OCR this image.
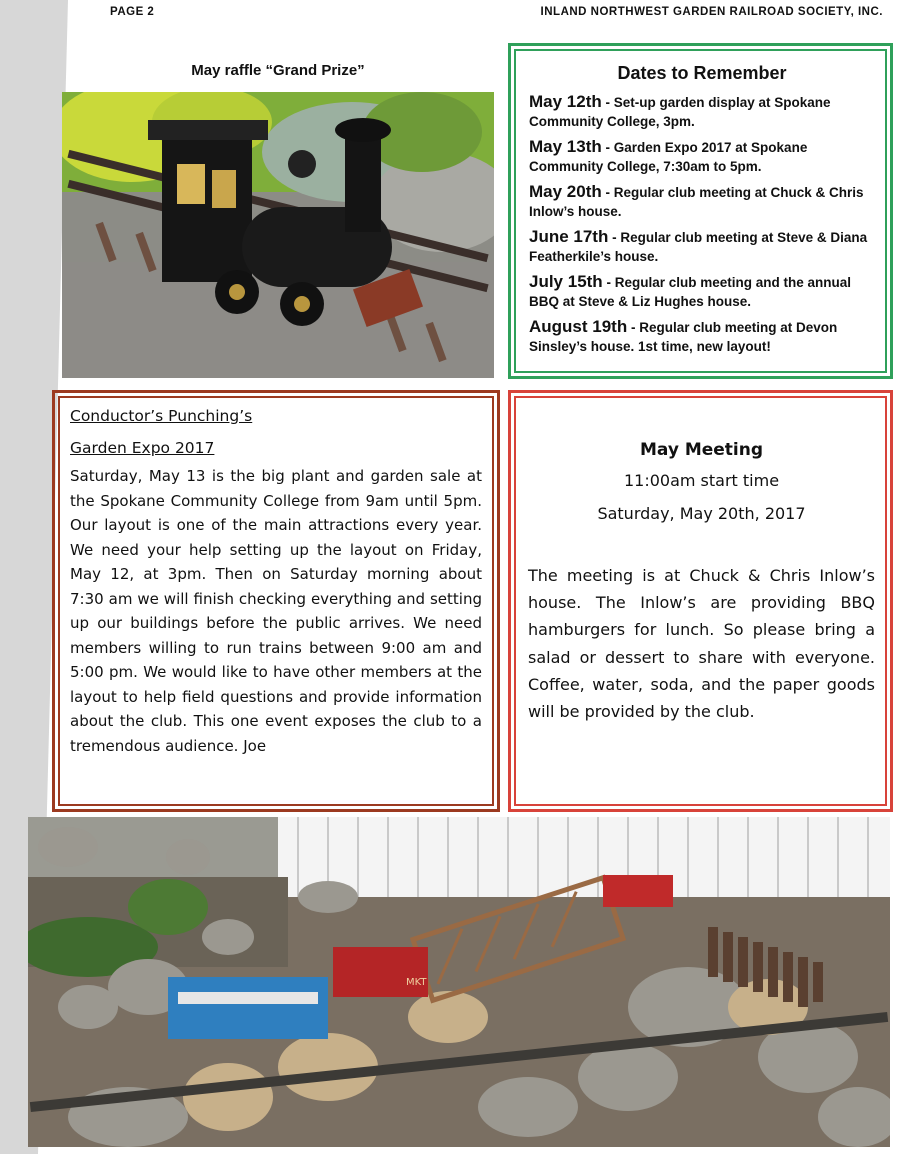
PAGE 2	INLAND NORTHWEST GARDEN RAILROAD SOCIETY, INC.
May raffle “Grand Prize”	Dates to Remember
May 12th - Set-up garden display at Spokane Community College, 3pm.
May 13th - Garden Expo 2017 at Spokane Community College, 7:30am to 5pm.
May 20th - Regular club meeting at Chuck & Chris Inlow’s house.
June 17th - Regular club meeting at Steve & Diana Featherkile’s house.
July 15th - Regular club meeting and the annual BBQ at Steve & Liz Hughes house.
August 19th - Regular club meeting at Devon Sinsley’s house. 1st time, new layout!

Conductor’s Punching’s

Garden Expo 2017

Saturday, May 13 is the big plant and garden sale at the Spokane Community College from 9am until 5pm. Our layout is one of the main attractions every year. We need your help setting up the layout on Friday, May 12, at 3pm. Then on Saturday morning about 7:30 am we will finish checking everything and setting up our buildings before the public arrives. We need members willing to run trains between 9:00 am and 5:00 pm. We would like to have other members at the layout to help field questions and provide information about the club. This one event exposes the club to a tremendous audience. Joe

May Meeting

11:00am start time
Saturday, May 20th, 2017
The meeting is at Chuck & Chris Inlow’s house. The Inlow’s are providing BBQ hamburgers for lunch. So please bring a salad or dessert to share with everyone. Coffee, water, soda, and the paper goods will be provided by the club.
MKT
